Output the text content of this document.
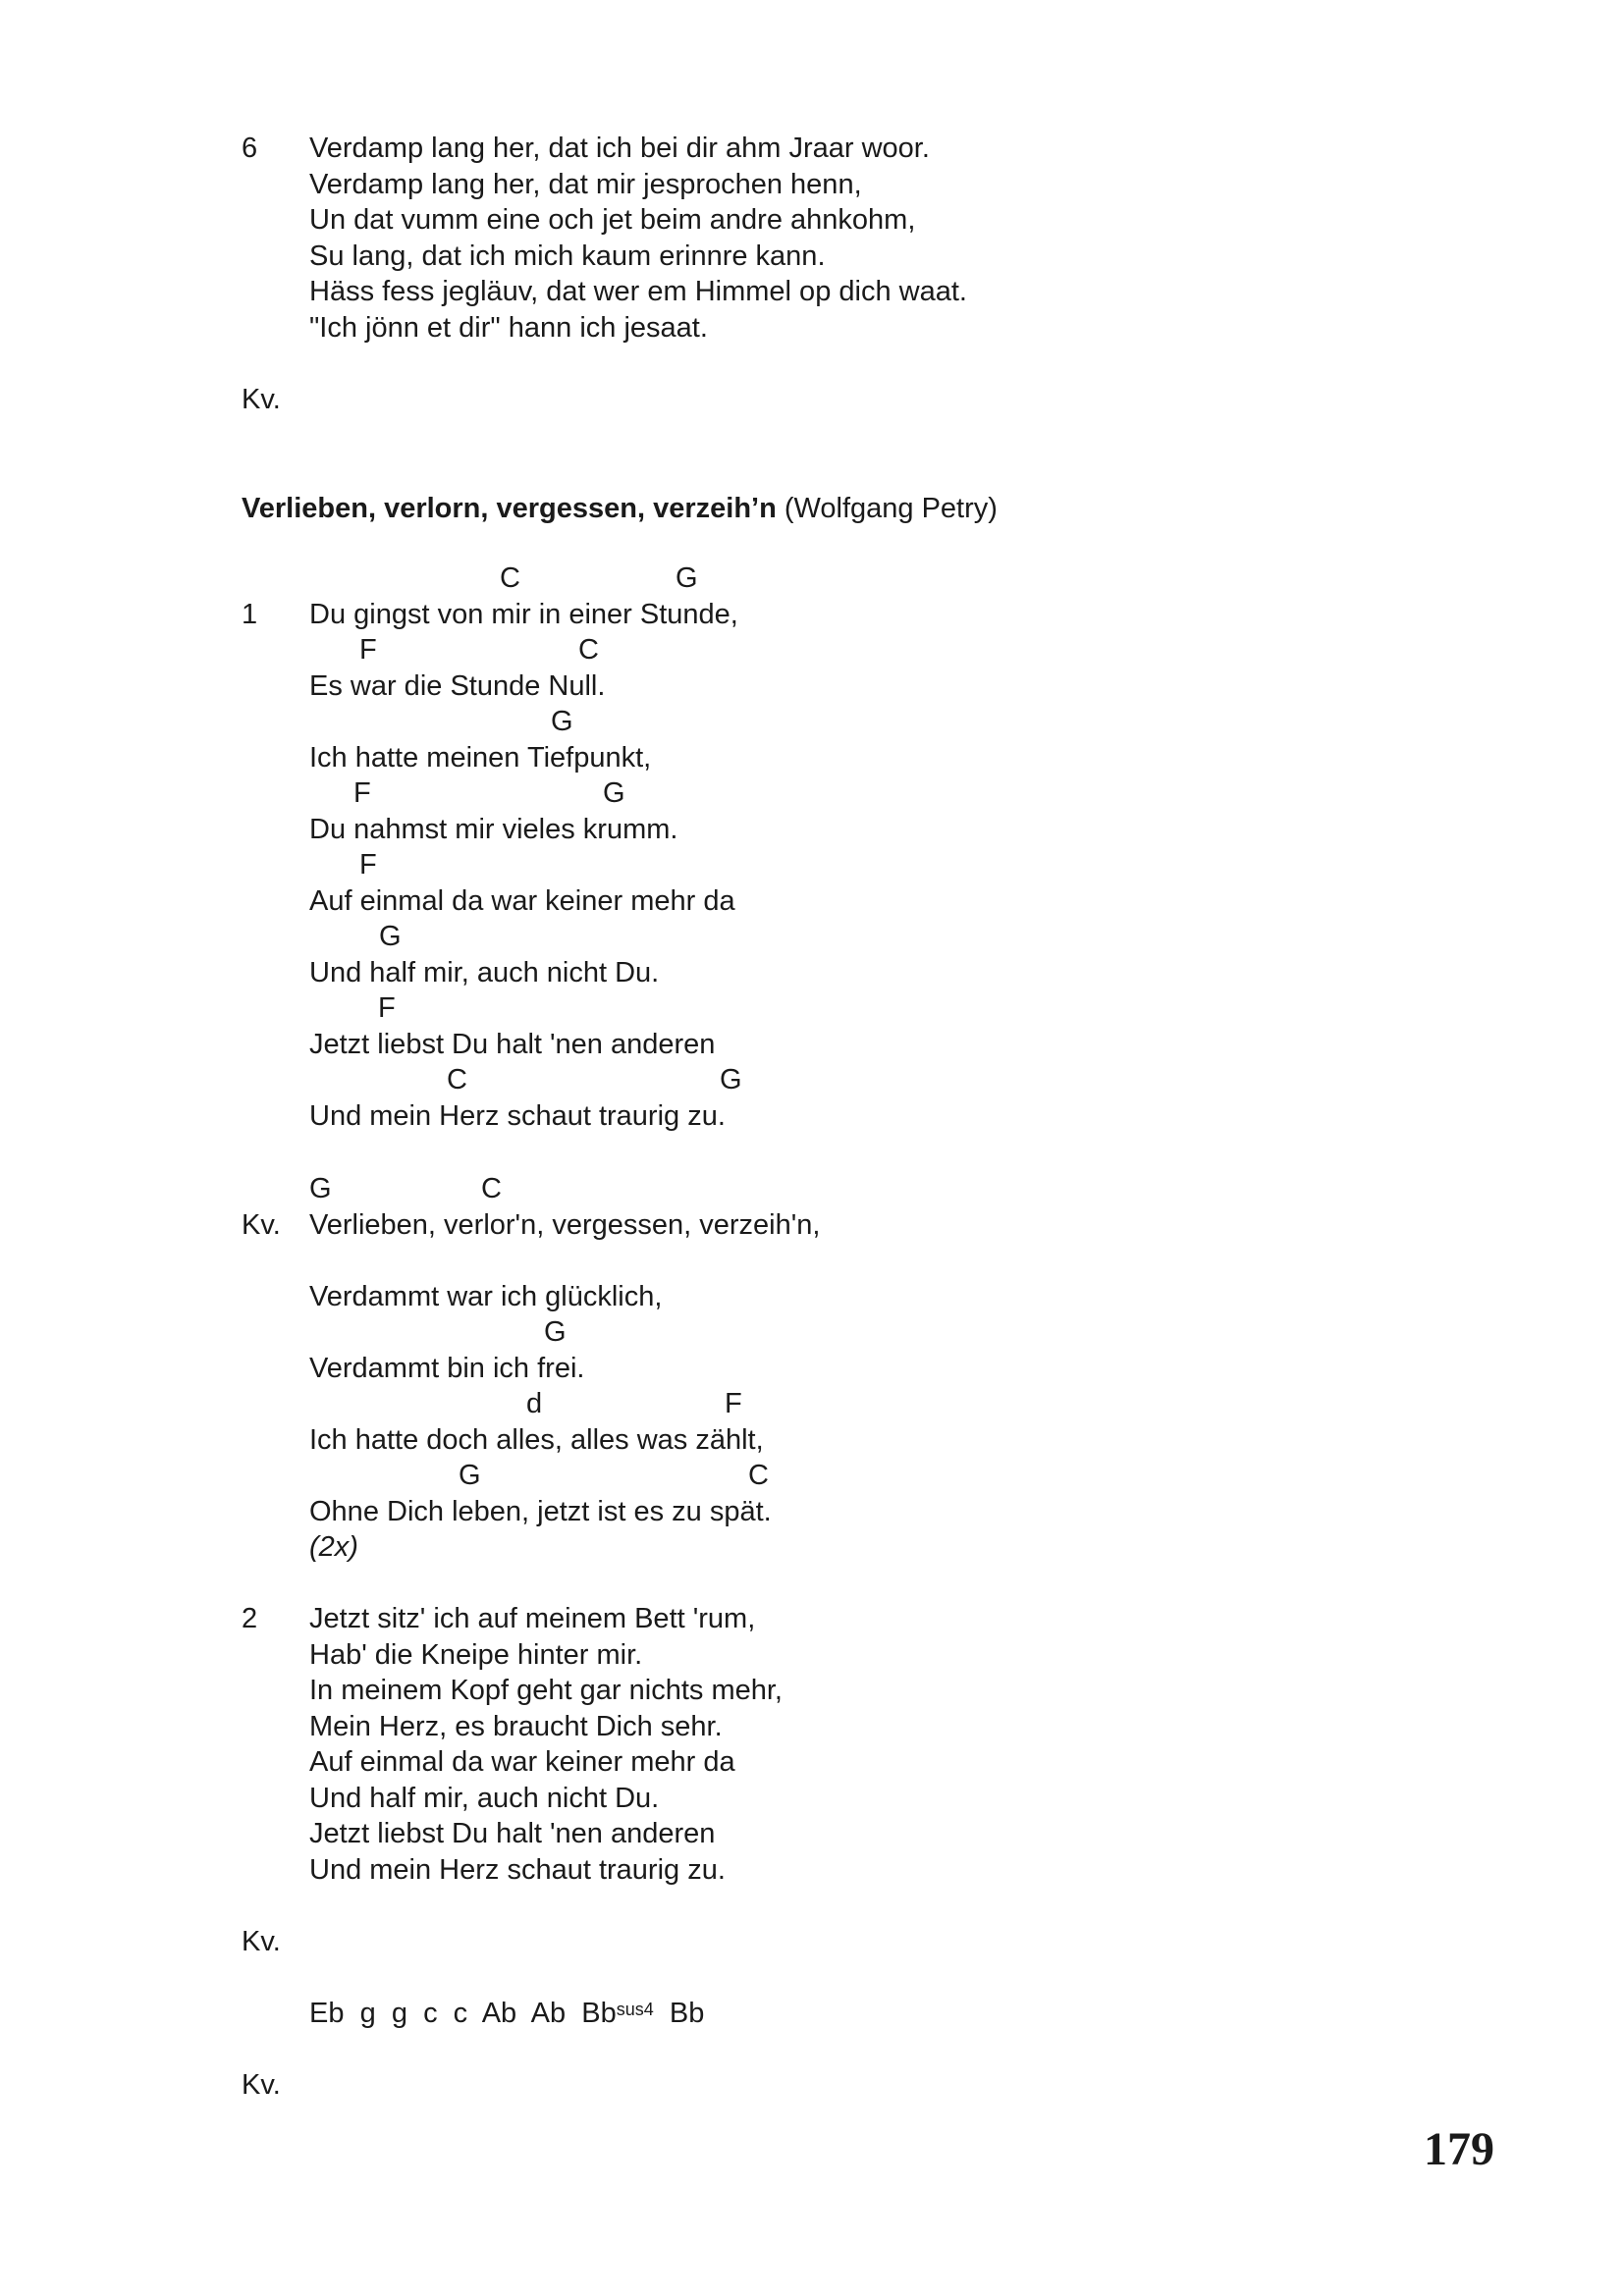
6 Verdamp lang her, dat ich bei dir ahm Jraar woor.
Verdamp lang her, dat mir jesprochen henn,
Un dat vumm eine och jet beim andre ahnkohm,
Su lang, dat ich mich kaum erinnre kann.
Häss fess jegläuv, dat wer em Himmel op dich waat.
"Ich jönn et dir" hann ich jesaat.
Kv.
Verlieben, verlorn, vergessen, verzeih’n (Wolfgang Petry)
C	G
1 Du gingst von mir in einer Stunde,
F	C
Es war die Stunde Null.
G
Ich hatte meinen Tiefpunkt,
F	G
Du nahmst mir vieles krumm.
F
Auf einmal da war keiner mehr da
G
Und half mir, auch nicht Du.
F
Jetzt liebst Du halt 'nen anderen
C	G
Und mein Herz schaut traurig zu.
G	C
Kv. Verlieben, verlor'n, vergessen, verzeih'n,
Verdammt war ich glücklich,
G
Verdammt bin ich frei.
d	F
Ich hatte doch alles, alles was zählt,
G	C
Ohne Dich leben, jetzt ist es zu spät.
(2x)
2 Jetzt sitz' ich auf meinem Bett 'rum,
Hab' die Kneipe hinter mir.
In meinem Kopf geht gar nichts mehr,
Mein Herz, es braucht Dich sehr.
Auf einmal da war keiner mehr da
Und half mir, auch nicht Du.
Jetzt liebst Du halt 'nen anderen
Und mein Herz schaut traurig zu.
Kv.
Eb  g  g  c  c  Ab  Ab  $Bb^{sus4}$ Bb
Kv.
179
